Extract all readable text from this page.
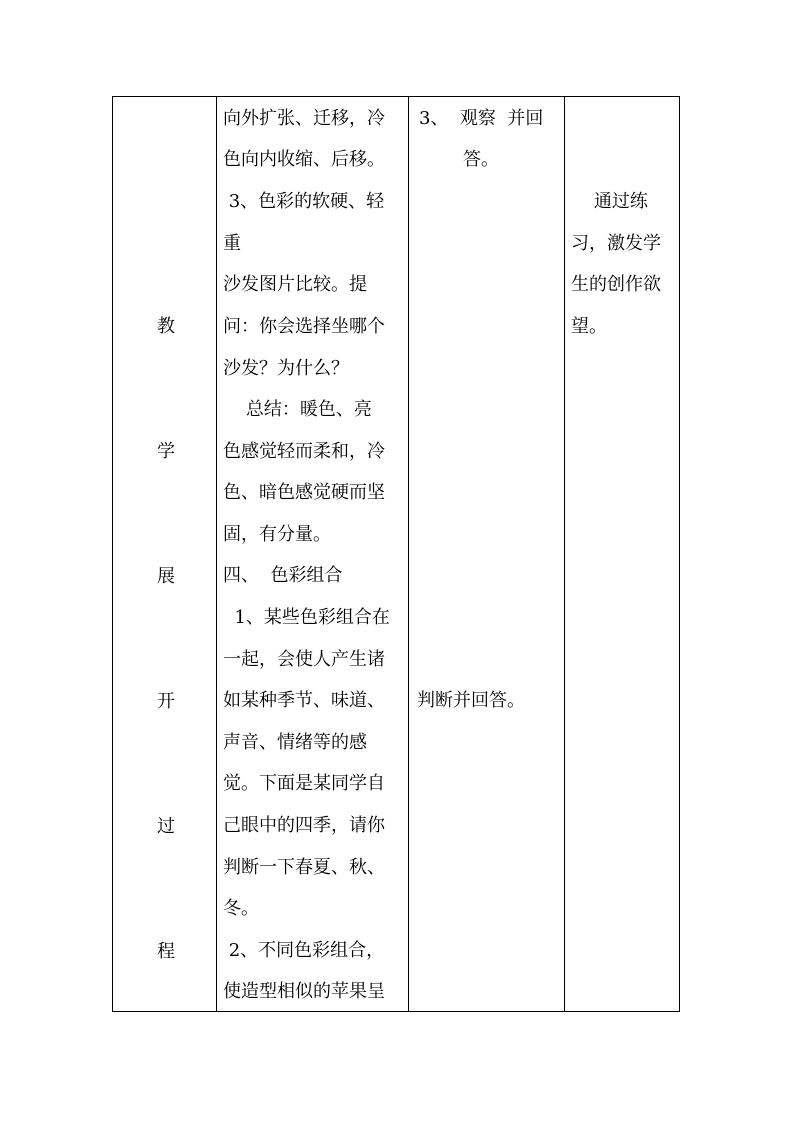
教
学
展
开
过
程
向外扩张、迁移，冷
色向内收缩、后移。
3、色彩的软硬、轻
重
沙发图片比较。提
问：你会选择坐哪个
沙发？为什么？
总结：暖色、亮
色感觉轻而柔和，冷
色、暗色感觉硬而坚
固，有分量。
四、  色彩组合
1、某些色彩组合在
一起，会使人产生诸
如某种季节、味道、
声音、情绪等的感
觉。下面是某同学自
己眼中的四季，请你
判断一下春夏、秋、
冬。
2、不同色彩组合，
使造型相似的苹果呈
3、  观察  并回
答。
判断并回答。
通过练
习，激发学
生的创作欲
望。
